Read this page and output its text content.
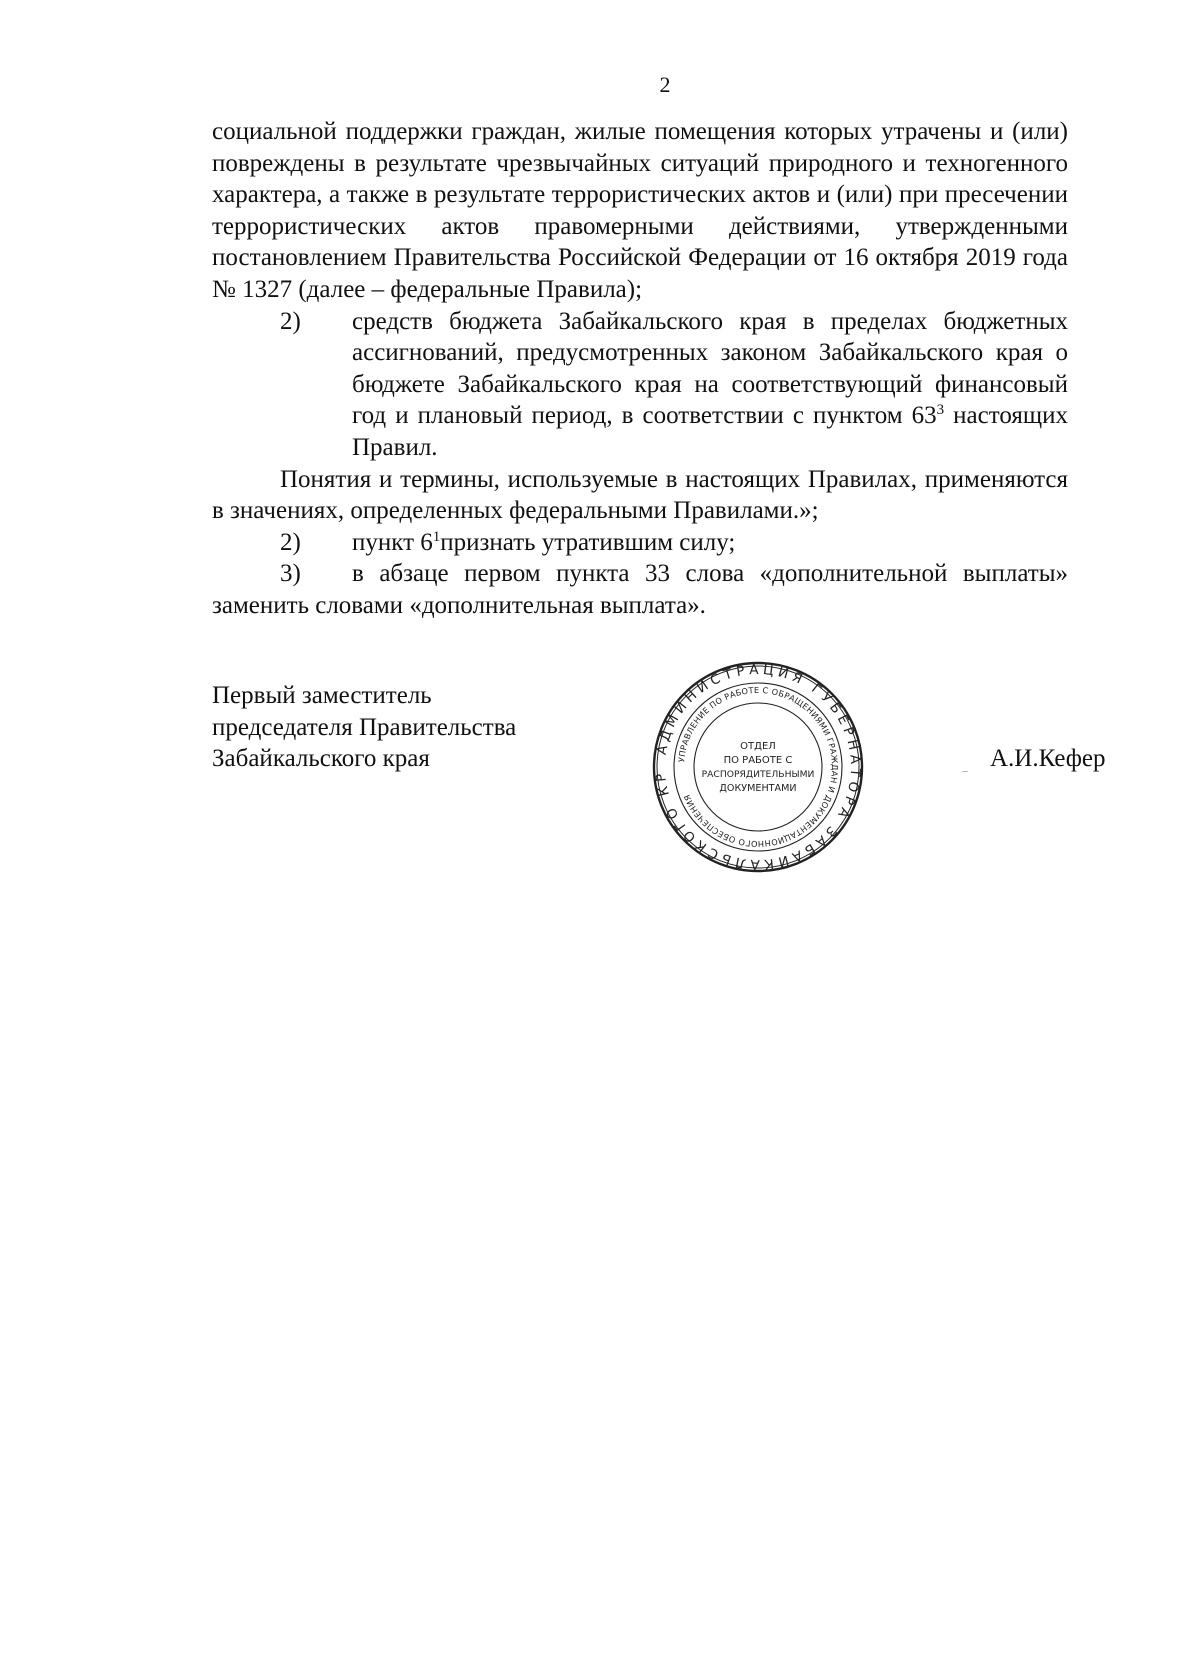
2

социальной поддержки граждан, жилые помещения которых утрачены и (или) повреждены в результате чрезвычайных ситуаций природного и техногенного характера, а также в результате террористических актов и (или) при пресечении террористических актов правомерными действиями, утвержденными постановлением Правительства Российской Федерации от 16 октября 2019 года № 1327 (далее – федеральные Правила);

2)	средств бюджета Забайкальского края в пределах бюджетных ассигнований, предусмотренных законом Забайкальского края о бюджете Забайкальского края на соответствующий финансовый год и плановый период, в соответствии с пунктом $63^3$ настоящих Правил.

Понятия и термины, используемые в настоящих Правилах, применяются в значениях, определенных федеральными Правилами.»;

2)	пункт $6^1признать$ утратившим силу;

3) в абзаце первом пункта 33 слова «дополнительной выплаты» заменить словами «дополнительная выплата».

Первый заместитель
председателя Правительства
Забайкальского края	А.И.Кефер
АДМИНИСТРАЦИЯ ГУБЕРНАТОРА ЗАБАЙКАЛЬСКОГО КР
УПРАВЛЕНИЕ ПО РАБОТЕ С ОБРАЩЕНИЯМИ ГРАЖДАН И ДОКУМЕНТАЦИОННОГО ОБЕСПЕЧЕНИЯ
ОТДЕЛ
ПО РАБОТЕ С
РАСПОРЯДИТЕЛЬНЫМИ
ДОКУМЕНТАМИ
